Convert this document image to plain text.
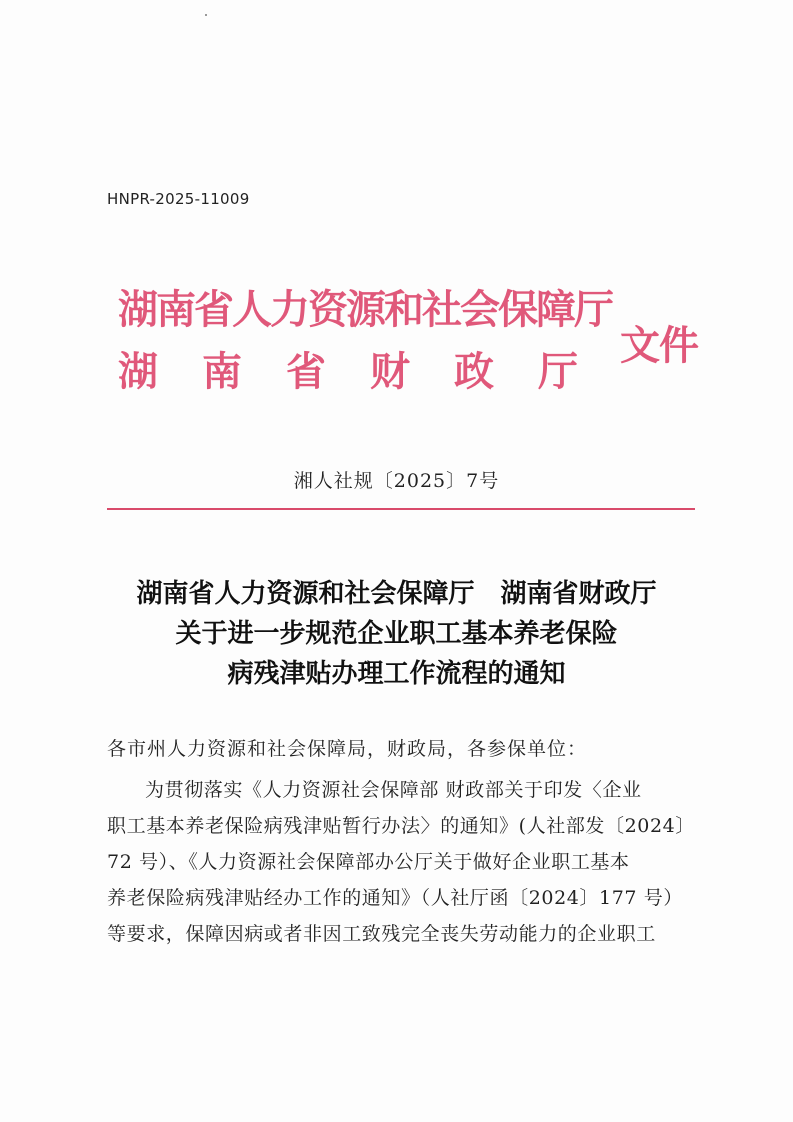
HNPR-2025-11009
湖南省人力资源和社会保障厅
湖南省财政厅
文件
湘人社规〔2025〕7号
湖南省人力资源和社会保障厅　湖南省财政厅
关于进一步规范企业职工基本养老保险
病残津贴办理工作流程的通知
各市州人力资源和社会保障局，财政局，各参保单位：
为贯彻落实《人力资源社会保障部 财政部关于印发〈企业
职工基本养老保险病残津贴暂行办法〉的通知》(人社部发〔2024〕
72 号）、《人力资源社会保障部办公厅关于做好企业职工基本
养老保险病残津贴经办工作的通知》（人社厅函〔2024〕177 号）
等要求，保障因病或者非因工致残完全丧失劳动能力的企业职工
